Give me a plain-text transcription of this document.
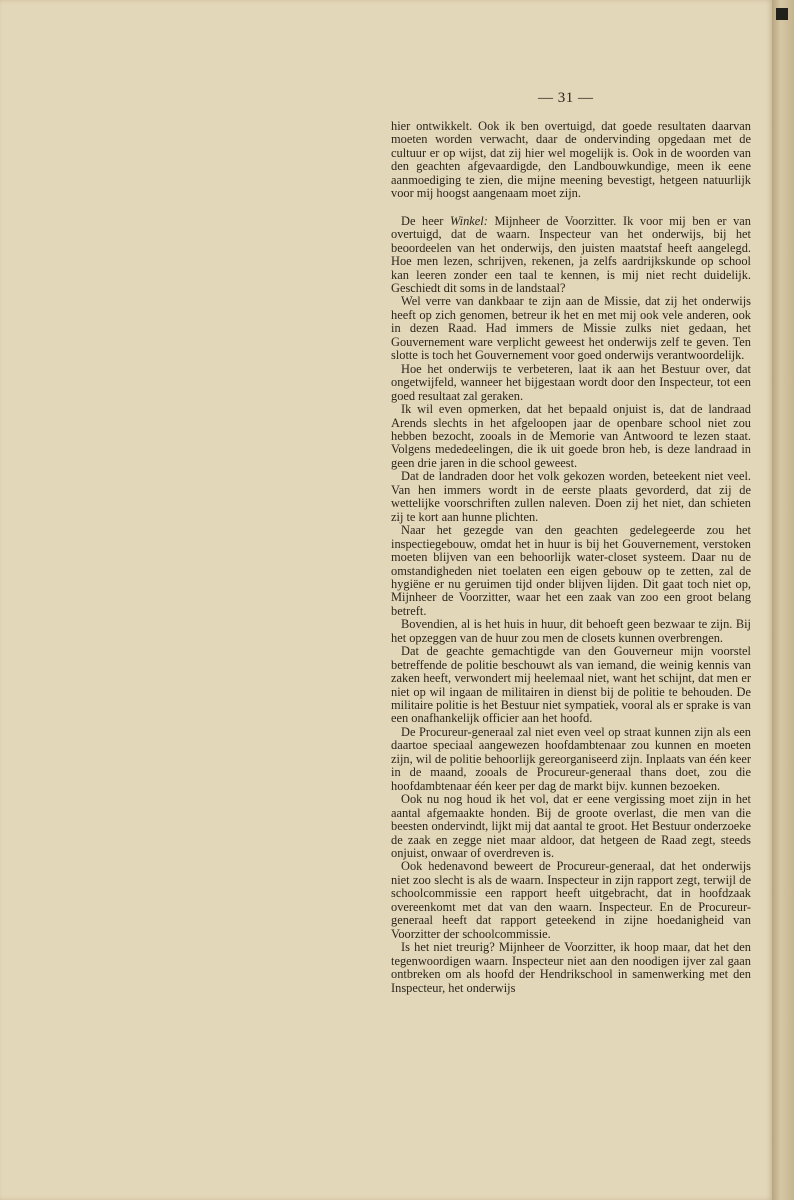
— 31 —

hier ontwikkelt. Ook ik ben overtuigd, dat goede resultaten daarvan moeten worden verwacht, daar de ondervinding opgedaan met de cultuur er op wijst, dat zij hier wel mogelijk is. Ook in de woorden van den geachten afgevaardigde, den Landbouwkundige, meen ik eene aanmoediging te zien, die mijne meening bevestigt, hetgeen natuurlijk voor mij hoogst aangenaam moet zijn.

De heer Winkel: Mijnheer de Voorzitter. Ik voor mij ben er van overtuigd, dat de waarn. Inspecteur van het onderwijs, bij het beoordeelen van het onderwijs, den juisten maatstaf heeft aangelegd. Hoe men lezen, schrijven, rekenen, ja zelfs aardrijkskunde op school kan leeren zonder een taal te kennen, is mij niet recht duidelijk. Geschiedt dit soms in de landstaal?

Wel verre van dankbaar te zijn aan de Missie, dat zij het onderwijs heeft op zich genomen, betreur ik het en met mij ook vele anderen, ook in dezen Raad. Had immers de Missie zulks niet gedaan, het Gouvernement ware verplicht geweest het onderwijs zelf te geven. Ten slotte is toch het Gouvernement voor goed onderwijs verantwoordelijk.

Hoe het onderwijs te verbeteren, laat ik aan het Bestuur over, dat ongetwijfeld, wanneer het bijgestaan wordt door den Inspecteur, tot een goed resultaat zal geraken.

Ik wil even opmerken, dat het bepaald onjuist is, dat de landraad Arends slechts in het afgeloopen jaar de openbare school niet zou hebben bezocht, zooals in de Memorie van Antwoord te lezen staat. Volgens mededeelingen, die ik uit goede bron heb, is deze landraad in geen drie jaren in die school geweest.

Dat de landraden door het volk gekozen worden, beteekent niet veel. Van hen immers wordt in de eerste plaats gevorderd, dat zij de wettelijke voorschriften zullen naleven. Doen zij het niet, dan schieten zij te kort aan hunne plichten.

Naar het gezegde van den geachten gedelegeerde zou het inspectiegebouw, omdat het in huur is bij het Gouvernement, verstoken moeten blijven van een behoorlijk water-closet systeem. Daar nu de omstandigheden niet toelaten een eigen gebouw op te zetten, zal de hygiëne er nu geruimen tijd onder blijven lijden. Dit gaat toch niet op, Mijnheer de Voorzitter, waar het een zaak van zoo een groot belang betreft.

Bovendien, al is het huis in huur, dit behoeft geen bezwaar te zijn. Bij het opzeggen van de huur zou men de closets kunnen overbrengen.

Dat de geachte gemachtigde van den Gouverneur mijn voorstel betreffende de politie beschouwt als van iemand, die weinig kennis van zaken heeft, verwondert mij heelemaal niet, want het schijnt, dat men er niet op wil ingaan de militairen in dienst bij de politie te behouden. De militaire politie is het Bestuur niet sympatiek, vooral als er sprake is van een onafhankelijk officier aan het hoofd.

De Procureur-generaal zal niet even veel op straat kunnen zijn als een daartoe speciaal aangewezen hoofdambtenaar zou kunnen en moeten zijn, wil de politie behoorlijk gereorganiseerd zijn. Inplaats van één keer in de maand, zooals de Procureur-generaal thans doet, zou die hoofdambtenaar één keer per dag de markt bijv. kunnen bezoeken.

Ook nu nog houd ik het vol, dat er eene vergissing moet zijn in het aantal afgemaakte honden. Bij de groote overlast, die men van die beesten ondervindt, lijkt mij dat aantal te groot. Het Bestuur onderzoeke de zaak en zegge niet maar aldoor, dat hetgeen de Raad zegt, steeds onjuist, onwaar of overdreven is.

Ook hedenavond beweert de Procureur-generaal, dat het onderwijs niet zoo slecht is als de waarn. Inspecteur in zijn rapport zegt, terwijl de schoolcommissie een rapport heeft uitgebracht, dat in hoofdzaak overeenkomt met dat van den waarn. Inspecteur. En de Procureur-generaal heeft dat rapport geteekend in zijne hoedanigheid van Voorzitter der schoolcommissie.

Is het niet treurig? Mijnheer de Voorzitter, ik hoop maar, dat het den tegenwoordigen waarn. Inspecteur niet aan den noodigen ijver zal gaan ontbreken om als hoofd der Hendrikschool in samenwerking met den Inspecteur, het onderwijs
